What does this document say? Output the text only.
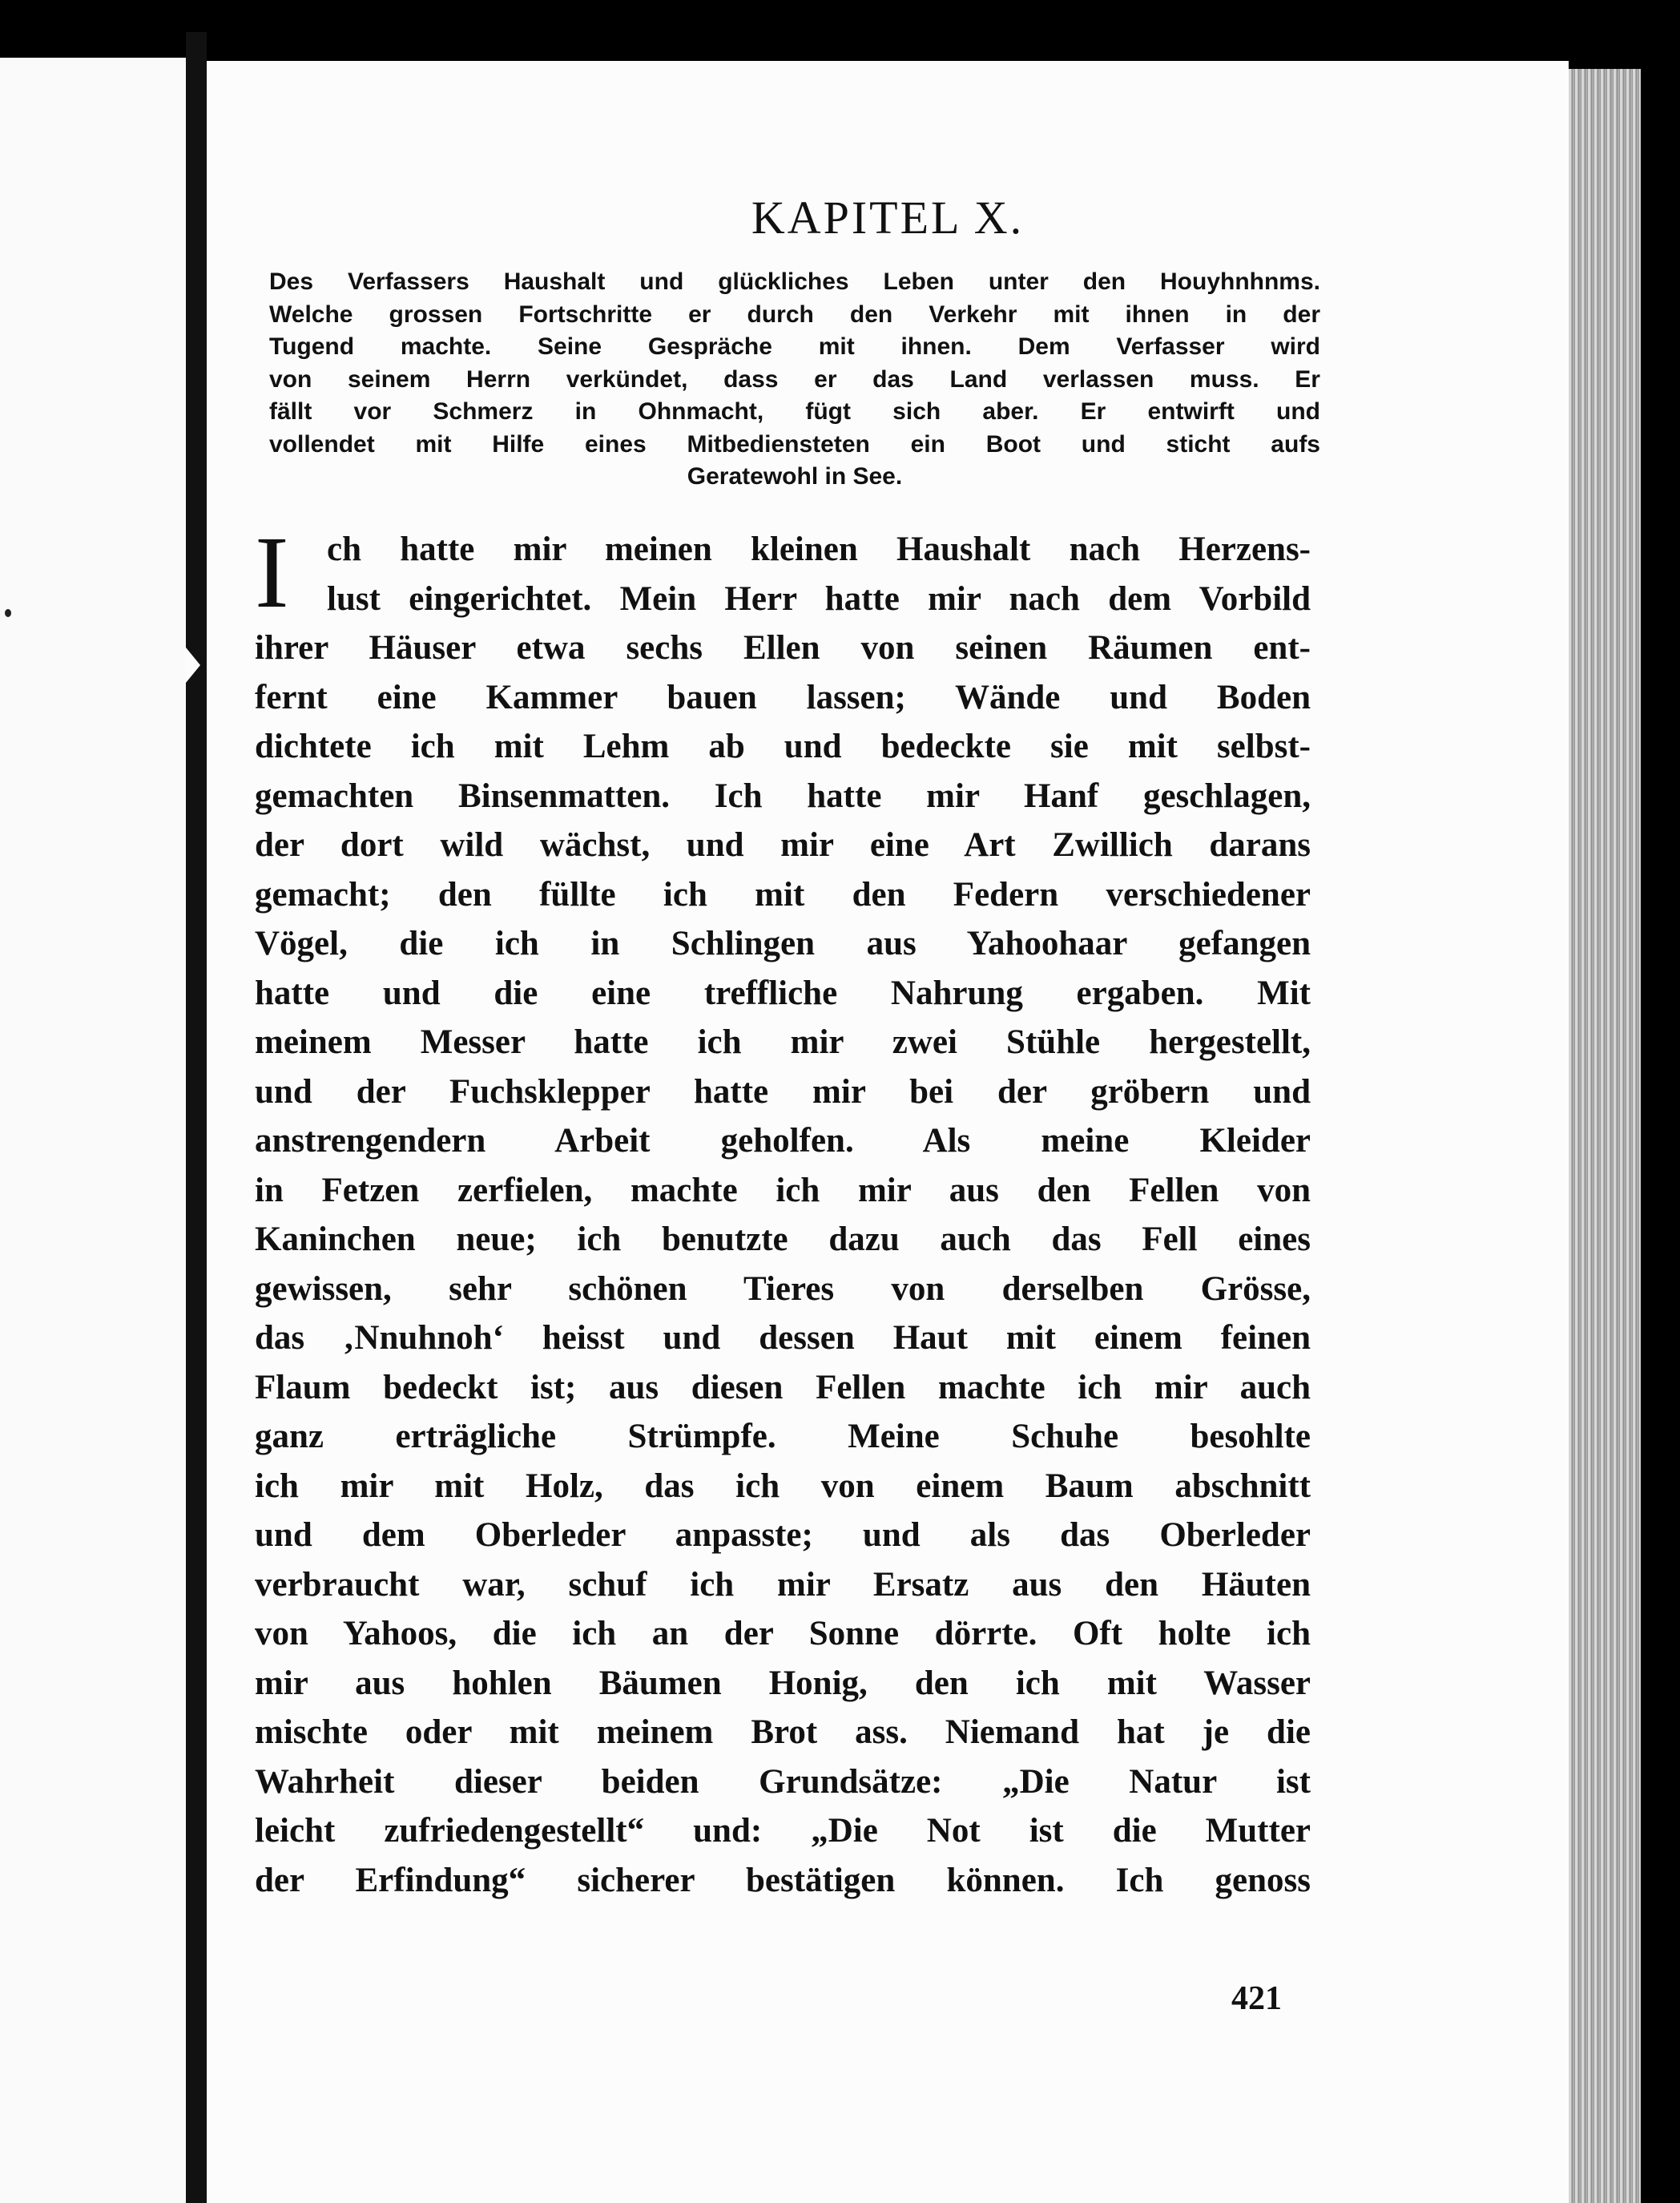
KAPITEL X.
Des Verfassers Haushalt und glückliches Leben unter den Houyhnhnms.
Welche grossen Fortschritte er durch den Verkehr mit ihnen in der
Tugend machte. Seine Gespräche mit ihnen. Dem Verfasser wird
von seinem Herrn verkündet, dass er das Land verlassen muss. Er
fällt vor Schmerz in Ohnmacht, fügt sich aber. Er entwirft und
vollendet mit Hilfe eines Mitbediensteten ein Boot und sticht aufs
Geratewohl in See.
I	ch hatte mir meinen kleinen Haushalt nach Herzens-
lust eingerichtet. Mein Herr hatte mir nach dem Vorbild
ihrer Häuser etwa sechs Ellen von seinen Räumen ent-
fernt eine Kammer bauen lassen; Wände und Boden
dichtete ich mit Lehm ab und bedeckte sie mit selbst-
gemachten Binsenmatten. Ich hatte mir Hanf geschlagen,
der dort wild wächst, und mir eine Art Zwillich darans
gemacht; den füllte ich mit den Federn verschiedener
Vögel, die ich in Schlingen aus Yahoohaar gefangen
hatte und die eine treffliche Nahrung ergaben. Mit
meinem Messer hatte ich mir zwei Stühle hergestellt,
und der Fuchsklepper hatte mir bei der gröbern und
anstrengendern Arbeit geholfen. Als meine Kleider
in Fetzen zerfielen, machte ich mir aus den Fellen von
Kaninchen neue; ich benutzte dazu auch das Fell eines
gewissen, sehr schönen Tieres von derselben Grösse,
das ‚Nnuhnoh‘ heisst und dessen Haut mit einem feinen
Flaum bedeckt ist; aus diesen Fellen machte ich mir auch
ganz erträgliche Strümpfe. Meine Schuhe besohlte
ich mir mit Holz, das ich von einem Baum abschnitt
und dem Oberleder anpasste; und als das Oberleder
verbraucht war, schuf ich mir Ersatz aus den Häuten
von Yahoos, die ich an der Sonne dörrte. Oft holte ich
mir aus hohlen Bäumen Honig, den ich mit Wasser
mischte oder mit meinem Brot ass. Niemand hat je die
Wahrheit dieser beiden Grundsätze: „Die Natur ist
leicht zufriedengestellt“ und: „Die Not ist die Mutter
der Erfindung“ sicherer bestätigen können. Ich genoss
421
